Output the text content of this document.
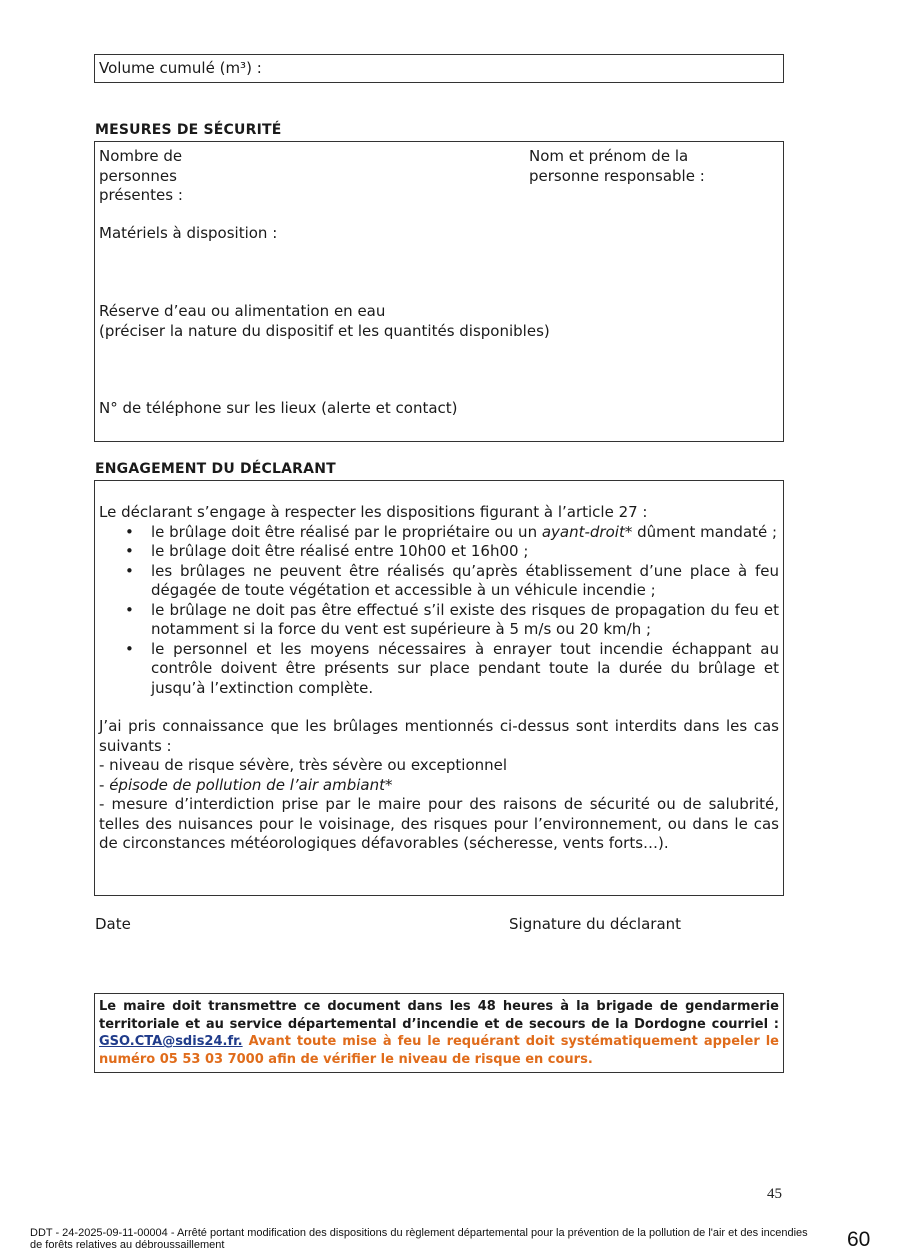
Volume cumulé (m³) :
MESURES DE SÉCURITÉ
Nombre de
personnes
présentes :
Nom et prénom de la
personne responsable :
Matériels à disposition :
Réserve d’eau ou alimentation en eau
(préciser la nature du dispositif et les quantités disponibles)
N° de téléphone sur les lieux (alerte et contact)
ENGAGEMENT DU DÉCLARANT
Le déclarant s’engage à respecter les dispositions figurant à l’article 27 :
• le brûlage doit être réalisé par le propriétaire ou un ayant-droit* dûment mandaté ;
• le brûlage doit être réalisé entre 10h00 et 16h00 ;
• les brûlages ne peuvent être réalisés qu’après établissement d’une place à feu dégagée de toute végétation et accessible à un véhicule incendie ;
• le brûlage ne doit pas être effectué s’il existe des risques de propagation du feu et notamment si la force du vent est supérieure à 5 m/s ou 20 km/h ;
• le personnel et les moyens nécessaires à enrayer tout incendie échappant au contrôle doivent être présents sur place pendant toute la durée du brûlage et jusqu’à l’extinction complète.
J’ai pris connaissance que les brûlages mentionnés ci-dessus sont interdits dans les cas suivants :
- niveau de risque sévère, très sévère ou exceptionnel
- épisode de pollution de l’air ambiant*
- mesure d’interdiction prise par le maire pour des raisons de sécurité ou de salubrité, telles des nuisances pour le voisinage, des risques pour l’environnement, ou dans le cas de circonstances météorologiques défavorables (sécheresse, vents forts…).
Date	Signature du déclarant
Le maire doit transmettre ce document dans les 48 heures à la brigade de gendarmerie territoriale et au service départemental d’incendie et de secours de la Dordogne courriel : GSO.CTA@sdis24.fr. Avant toute mise à feu le requérant doit systématiquement appeler le numéro 05 53 03 7000 afin de vérifier le niveau de risque en cours.
45
DDT - 24-2025-09-11-00004 - Arrêté portant modification des dispositions du règlement départemental pour la prévention de la pollution de l'air et des incendies de forêts relatives au débroussaillement	60
